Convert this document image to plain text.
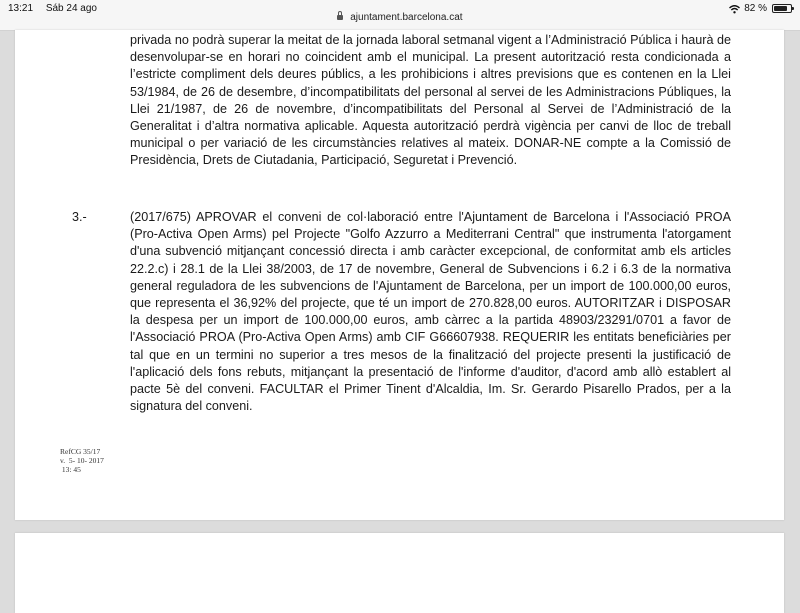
13:21 Sáb 24 ago
ajuntament.barcelona.cat
82 %
privada no podrà superar la meitat de la jornada laboral setmanal vigent a l’Administració Pública i haurà de desenvolupar-se en horari no coincident amb el municipal. La present autorització resta condicionada a l’estricte compliment dels deures públics, a les prohibicions i altres previsions que es contenen en la Llei 53/1984, de 26 de desembre, d’incompatibilitats del personal al servei de les Administracions Públiques, la Llei 21/1987, de 26 de novembre, d’incompatibilitats del Personal al Servei de l’Administració de la Generalitat i d’altra normativa aplicable. Aquesta autorització perdrà vigència per canvi de lloc de treball municipal o per variació de les circumstàncies relatives al mateix. DONAR-NE compte a la Comissió de Presidència, Drets de Ciutadania, Participació, Seguretat i Prevenció.
3.-	(2017/675) APROVAR el conveni de col·laboració entre l'Ajuntament de Barcelona i l'Associació PROA (Pro-Activa Open Arms) pel Projecte "Golfo Azzurro a Mediterrani Central" que instrumenta l'atorgament d'una subvenció mitjançant concessió directa i amb caràcter excepcional, de conformitat amb els articles 22.2.c) i 28.1 de la Llei 38/2003, de 17 de novembre, General de Subvencions i 6.2 i 6.3 de la normativa general reguladora de les subvencions de l'Ajuntament de Barcelona, per un import de 100.000,00 euros, que representa el 36,92% del projecte, que té un import de 270.828,00 euros. AUTORITZAR i DISPOSAR la despesa per un import de 100.000,00 euros, amb càrrec a la partida 48903/23291/0701 a favor de l'Associació PROA (Pro-Activa Open Arms) amb CIF G66607938. REQUERIR les entitats beneficiàries per tal que en un termini no superior a tres mesos de la finalització del projecte presenti la justificació de l'aplicació dels fons rebuts, mitjançant la presentació de l'informe d'auditor, d'acord amb allò establert al pacte 5è del conveni. FACULTAR el Primer Tinent d'Alcaldia, Im. Sr. Gerardo Pisarello Prados, per a la signatura del conveni.
RefCG 35/17
v.  5- 10- 2017
13: 45
